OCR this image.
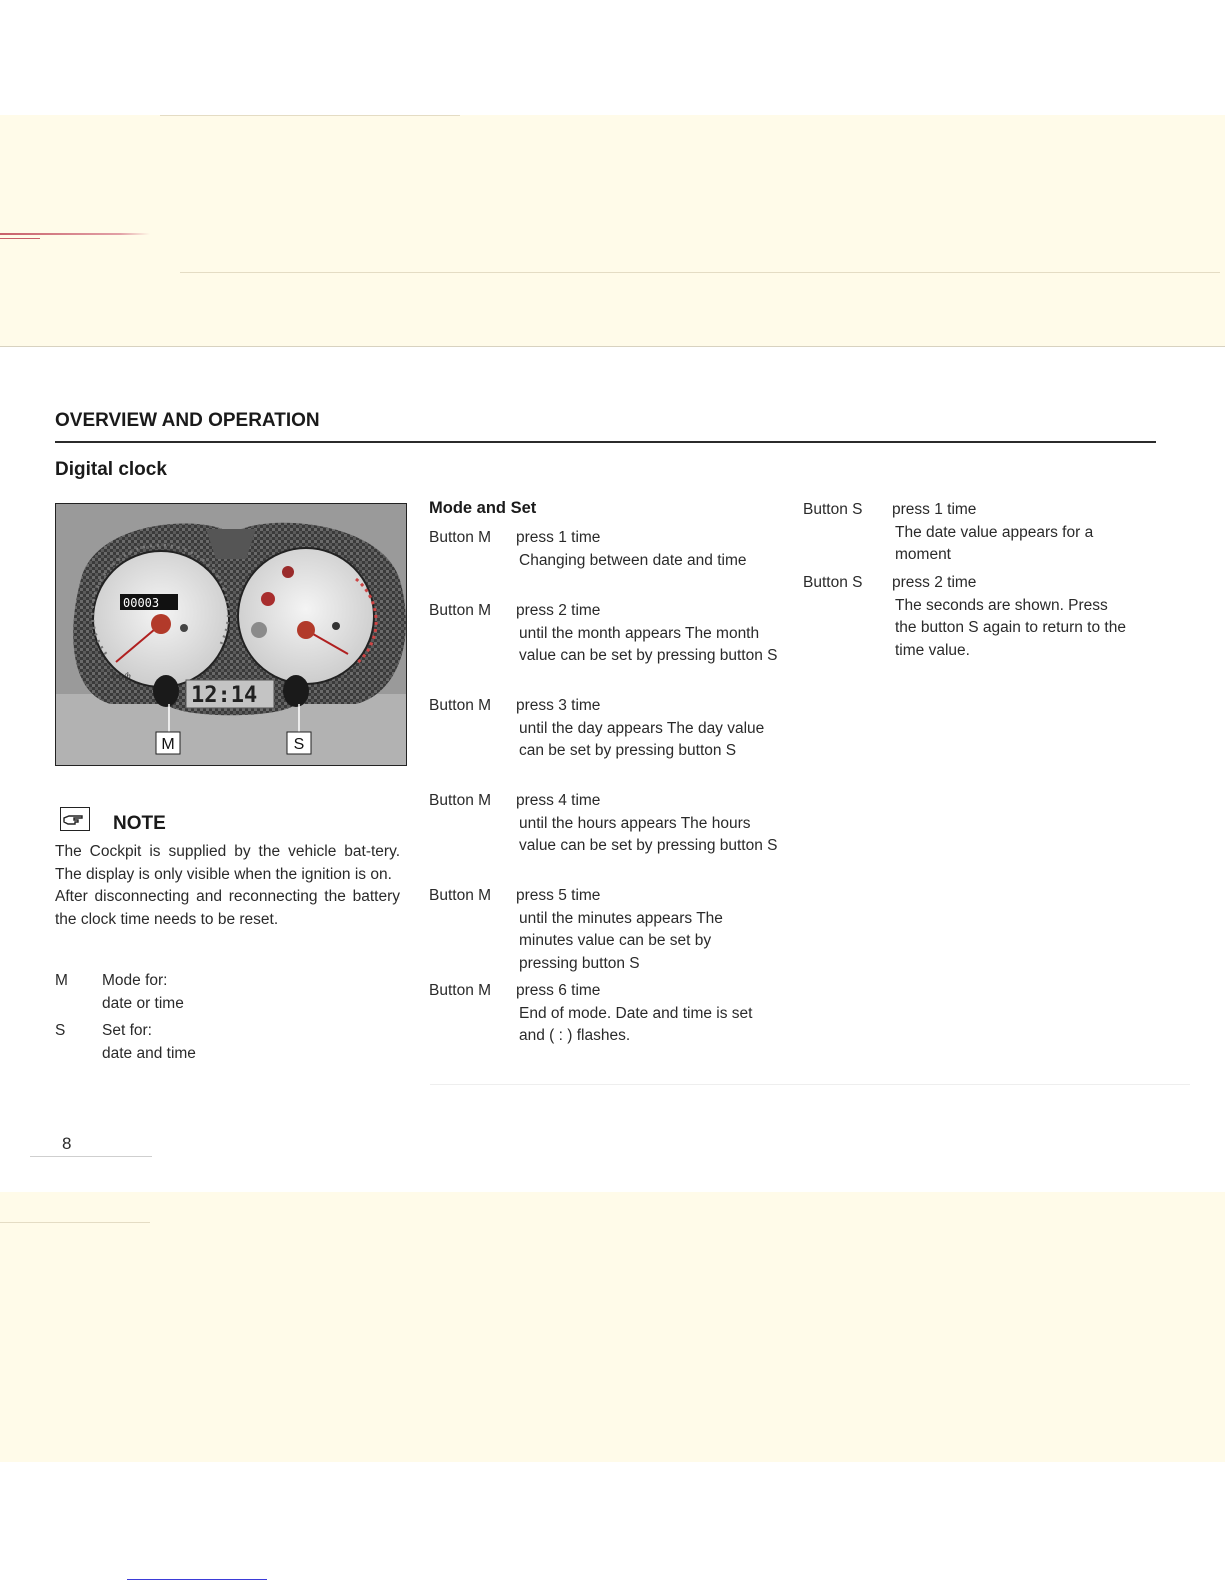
OVERVIEW AND OPERATION
Digital clock
00003
km/h
12:14
M	S
NOTE

The Cockpit is supplied by the vehicle bat-tery. The display is only visible when the ignition is on.

After disconnecting and reconnecting the battery the clock time needs to be reset.

M Mode for:
date or time
S Set for:
date and time
Mode and Set
Button M press 1 time
Changing between date and time
Button M press 2 time
until the month appears The month value can be set by pressing button S
Button M press 3 time
until the day appears The day value can be set by pressing button S
Button M press 4 time
until the hours appears The hours value can be set by pressing button S
Button M press 5 time
until the minutes appears The minutes value can be set by pressing button S
Button M press 6 time
End of mode. Date and time is set and ( : ) flashes.
Button S press 1 time
The date value appears for a moment
Button S press 2 time
The seconds are shown. Press the button S again to return to the time value.
8
